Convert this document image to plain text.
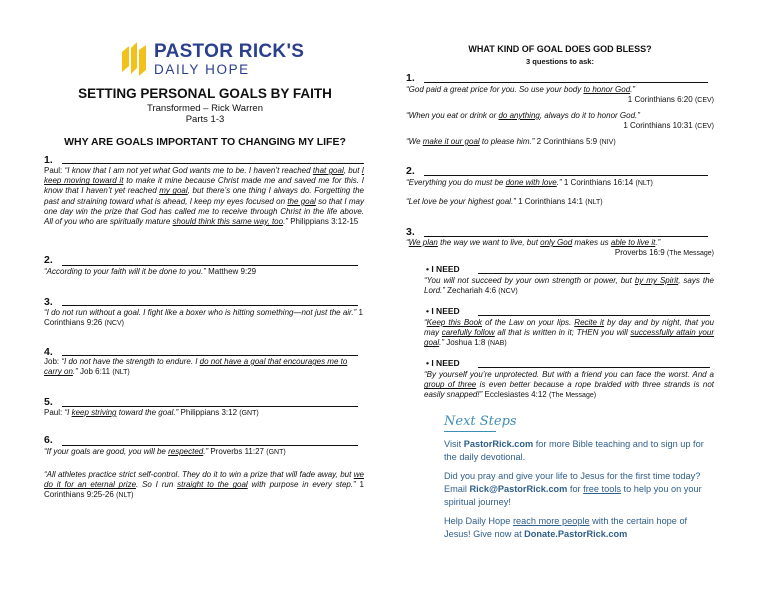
PASTOR RICK'S
DAILY HOPE
SETTING PERSONAL GOALS BY FAITH
Transformed – Rick Warren
Parts 1-3
WHY ARE GOALS IMPORTANT TO CHANGING MY LIFE?
1.
Paul: “I know that I am not yet what God wants me to be. I haven’t reached that goal, but I keep moving toward it to make it mine because Christ made me and saved me for this. I know that I haven’t yet reached my goal, but there’s one thing I always do. Forgetting the past and straining toward what is ahead, I keep my eyes focused on the goal so that I may one day win the prize that God has called me to receive through Christ in the life above. All of you who are spiritually mature should think this same way, too.” Philippians 3:12-15
2.
“According to your faith will it be done to you.” Matthew 9:29
3.
“I do not run without a goal. I fight like a boxer who is hitting something—not just the air.” 1 Corinthians 9:26 (NCV)
4.
Job: “I do not have the strength to endure. I do not have a goal that encourages me to carry on.” Job 6:11 (NLT)
5.
Paul: “I keep striving toward the goal.” Philippians 3:12 (GNT)
6.
“If your goals are good, you will be respected.” Proverbs 11:27 (GNT)
“All athletes practice strict self-control. They do it to win a prize that will fade away, but we do it for an eternal prize. So I run straight to the goal with purpose in every step.” 1 Corinthians 9:25-26 (NLT)
WHAT KIND OF GOAL DOES GOD BLESS?
3 questions to ask:
1.
“God paid a great price for you. So use your body to honor God.”
1 Corinthians 6:20 (CEV)
“When you eat or drink or do anything, always do it to honor God.”
1 Corinthians 10:31 (CEV)
“We make it our goal to please him.” 2 Corinthians 5:9 (NIV)
2.
“Everything you do must be done with love.” 1 Corinthians 16:14 (NLT)
“Let love be your highest goal.” 1 Corinthians 14:1 (NLT)
3.
“We plan the way we want to live, but only God makes us able to live it.”
Proverbs 16:9 (The Message)
• I NEED
“You will not succeed by your own strength or power, but by my Spirit, says the Lord.” Zechariah 4:6 (NCV)
• I NEED
“Keep this Book of the Law on your lips. Recite it by day and by night, that you may carefully follow all that is written in it; THEN you will successfully attain your goal.” Joshua 1:8 (NAB)
• I NEED
“By yourself you’re unprotected. But with a friend you can face the worst. And a group of three is even better because a rope braided with three strands is not easily snapped!” Ecclesiastes 4:12 (The Message)
Next Steps
Visit PastorRick.com for more Bible teaching and to sign up for the daily devotional.
Did you pray and give your life to Jesus for the first time today? Email Rick@PastorRick.com for free tools to help you on your spiritual journey!
Help Daily Hope reach more people with the certain hope of Jesus! Give now at Donate.PastorRick.com
